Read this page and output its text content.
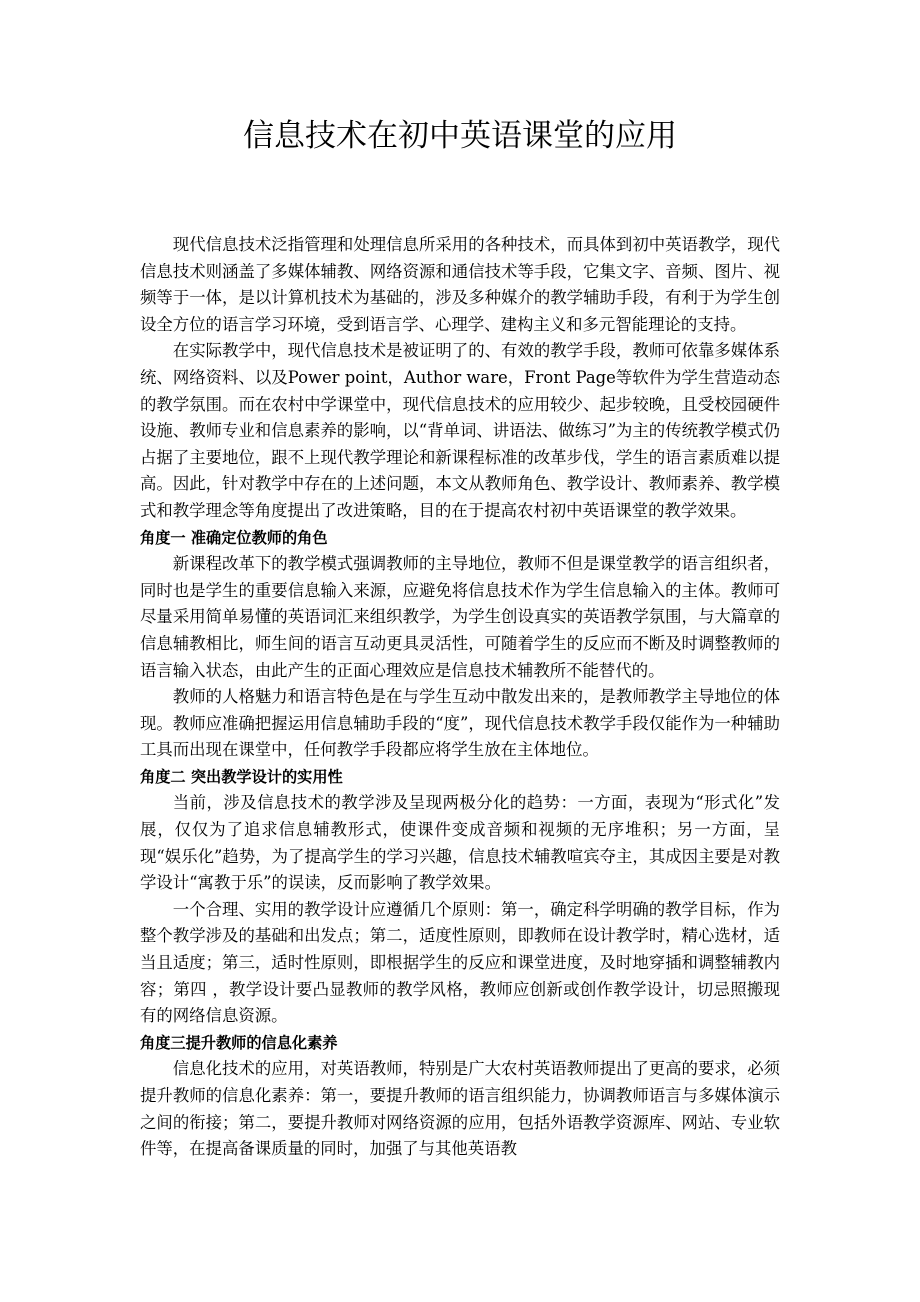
信息技术在初中英语课堂的应用

现代信息技术泛指管理和处理信息所采用的各种技术，而具体到初中英语教学，现代信息技术则涵盖了多媒体辅教、网络资源和通信技术等手段，它集文字、音频、图片、视频等于一体，是以计算机技术为基础的，涉及多种媒介的教学辅助手段，有利于为学生创设全方位的语言学习环境，受到语言学、心理学、建构主义和多元智能理论的支持。

在实际教学中，现代信息技术是被证明了的、有效的教学手段，教师可依靠多媒体系统、网络资料、以及Power point，Author ware，Front Page等软件为学生营造动态的教学氛围。而在农村中学课堂中，现代信息技术的应用较少、起步较晚，且受校园硬件设施、教师专业和信息素养的影响，以“背单词、讲语法、做练习”为主的传统教学模式仍占据了主要地位，跟不上现代教学理论和新课程标准的改革步伐，学生的语言素质难以提高。因此，针对教学中存在的上述问题，本文从教师角色、教学设计、教师素养、教学模式和教学理念等角度提出了改进策略，目的在于提高农村初中英语课堂的教学效果。

角度一 准确定位教师的角色

新课程改革下的教学模式强调教师的主导地位，教师不但是课堂教学的语言组织者，同时也是学生的重要信息输入来源，应避免将信息技术作为学生信息输入的主体。教师可尽量采用简单易懂的英语词汇来组织教学，为学生创设真实的英语教学氛围，与大篇章的信息辅教相比，师生间的语言互动更具灵活性，可随着学生的反应而不断及时调整教师的语言输入状态，由此产生的正面心理效应是信息技术辅教所不能替代的。

教师的人格魅力和语言特色是在与学生互动中散发出来的，是教师教学主导地位的体现。教师应准确把握运用信息辅助手段的“度”，现代信息技术教学手段仅能作为一种辅助工具而出现在课堂中，任何教学手段都应将学生放在主体地位。

角度二 突出教学设计的实用性

当前，涉及信息技术的教学涉及呈现两极分化的趋势：一方面，表现为“形式化”发展，仅仅为了追求信息辅教形式，使课件变成音频和视频的无序堆积；另一方面，呈现“娱乐化”趋势，为了提高学生的学习兴趣，信息技术辅教喧宾夺主，其成因主要是对教学设计“寓教于乐”的误读，反而影响了教学效果。

一个合理、实用的教学设计应遵循几个原则：第一，确定科学明确的教学目标，作为整个教学涉及的基础和出发点；第二，适度性原则，即教师在设计教学时，精心选材，适当且适度；第三，适时性原则，即根据学生的反应和课堂进度，及时地穿插和调整辅教内容；第四 ，教学设计要凸显教师的教学风格，教师应创新或创作教学设计，切忌照搬现有的网络信息资源。

角度三提升教师的信息化素养

信息化技术的应用，对英语教师，特别是广大农村英语教师提出了更高的要求，必须提升教师的信息化素养：第一，要提升教师的语言组织能力，协调教师语言与多媒体演示之间的衔接；第二，要提升教师对网络资源的应用，包括外语教学资源库、网站、专业软件等，在提高备课质量的同时，加强了与其他英语教
